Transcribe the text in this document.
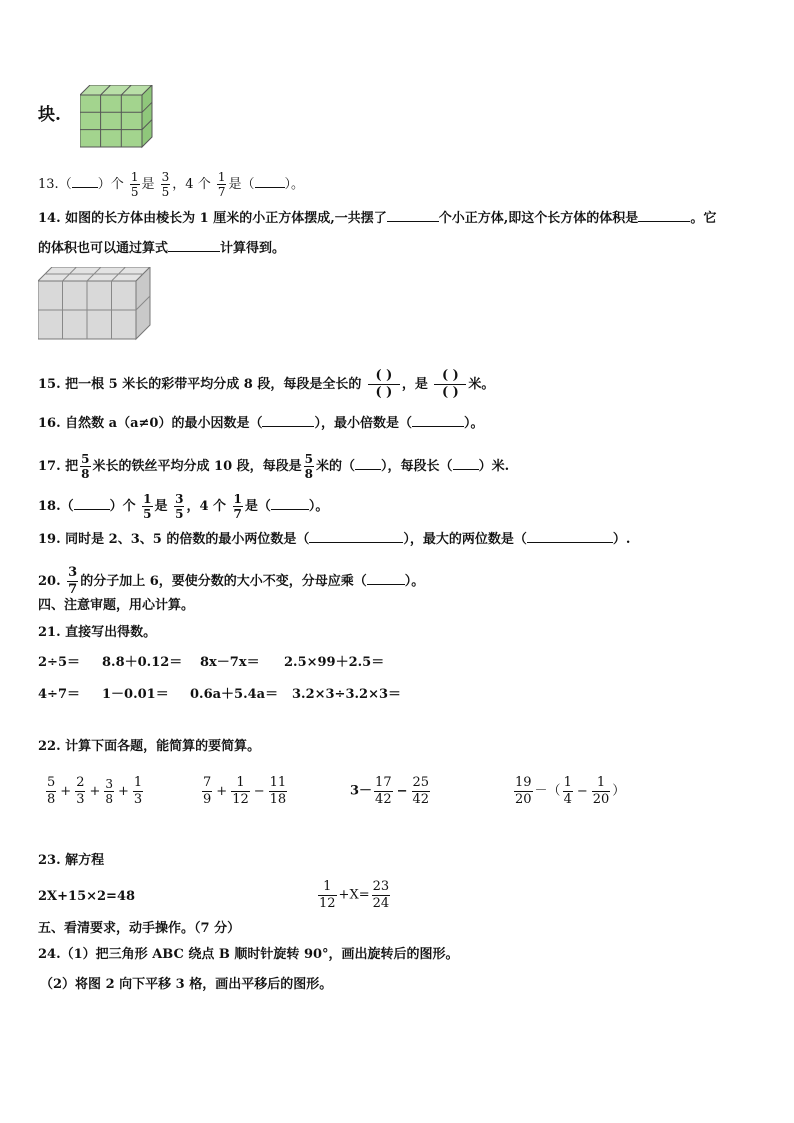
块.
13.（ ）个 $\frac{1}{5}$ 是 $\frac{3}{5}$ ，4 个 $\frac{1}{7}$ 是（ ）。
14. 如图的长方体由棱长为 1 厘米的小正方体摆成,一共摆了	个小正方体,即这个长方体的体积是	。它
的体积也可以通过算式	计算得到。
15. 把一根 5 米长的彩带平均分成 8 段，每段是全长的
( )
( )
，是
( )
( )
米。
16. 自然数 a（a≠0）的最小因数是（	），最小倍数是（	）。
17. 把 $\frac{5}{8}$ 米长的铁丝平均分成 10 段，每段是 $\frac{5}{8}$ 米的（ ），每段长（ ）米.
18.（	）个 $\frac{1}{5}$ 是 $\frac{3}{5}$ ，4 个 $\frac{1}{7}$ 是（	）。
19. 同时是 2、3、5 的倍数的最小两位数是（	），最大的两位数是（	）.
20. $\frac{3}{7}$ 的分子加上 6，要使分数的大小不变，分母应乘（	）。
四、注意审题，用心计算。
21. 直接写出得数。
2÷5＝ 8.8＋0.12＝ 8x－7x＝ 2.5×99＋2.5＝
4÷7＝ 1－0.01＝ 0.6a＋5.4a＝ 3.2×3÷3.2×3＝
22. 计算下面各题，能简算的要简算。
$\frac{5}{8} + \frac{2}{3} + \frac{3}{8} + \frac{1}{3}$	$\frac{7}{9} + \frac{1}{12} - \frac{11}{18}$	$3- \frac{17}{42} - \frac{25}{42}$	$\frac{19}{20}$ －（ $\frac{1}{4} - \frac{1}{20}$ ）
23. 解方程
2X+15×2=48	$\frac{1}{12} +X= \frac{23}{24}$
五、看清要求，动手操作。（7 分）
24.（1）把三角形 ABC 绕点 B 顺时针旋转 90°，画出旋转后的图形。
（2）将图 2 向下平移 3 格，画出平移后的图形。
